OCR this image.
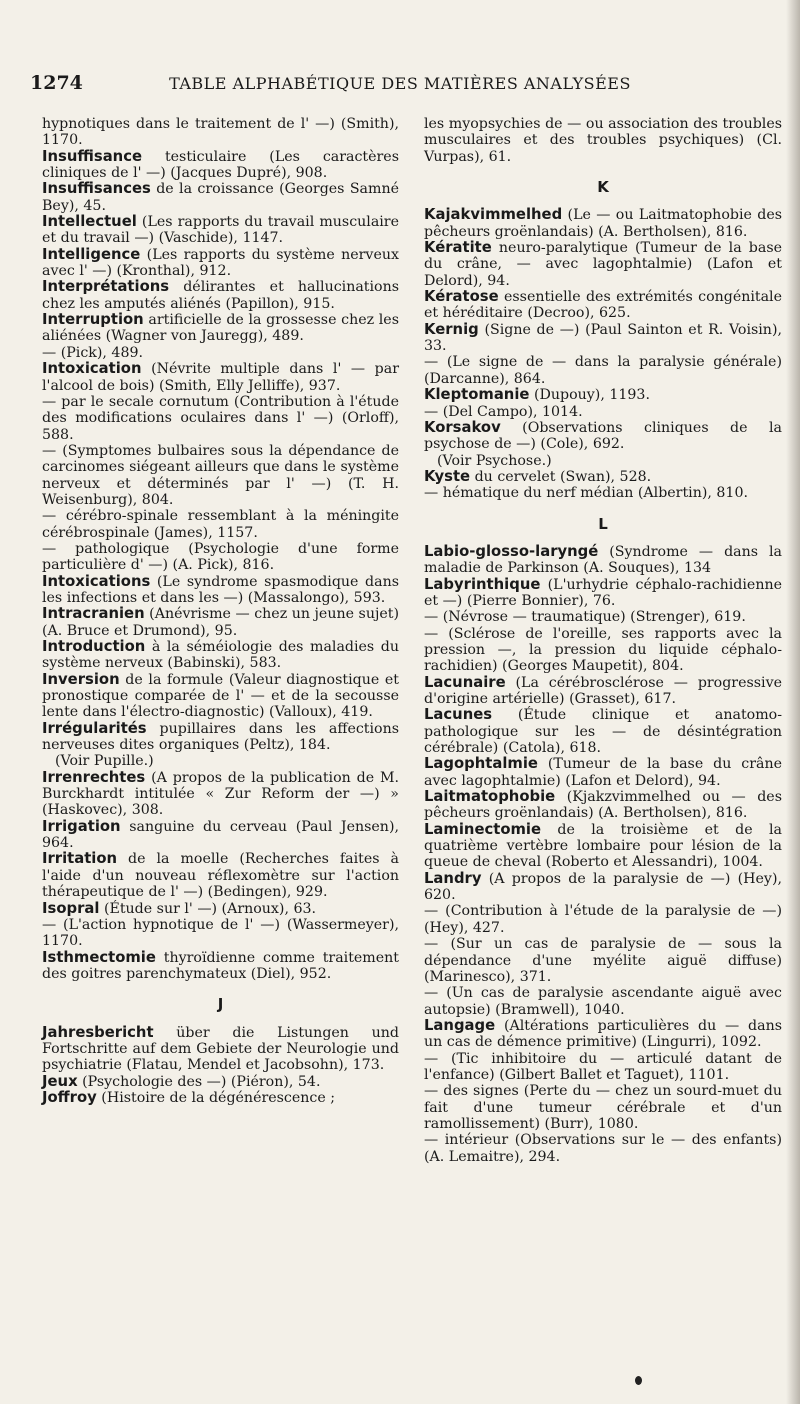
1274	TABLE ALPHABÉTIQUE DES MATIÈRES ANALYSÉES

hypnotiques dans le traitement de l' —) (Smith), 1170.

Insuffisance testiculaire (Les caractères cliniques de l' —) (Jacques Dupré), 908.

Insuffisances de la croissance (Georges Samné Bey), 45.

Intellectuel (Les rapports du travail musculaire et du travail —) (Vaschide), 1147.

Intelligence (Les rapports du système nerveux avec l' —) (Kronthal), 912.

Interprétations délirantes et hallucinations chez les amputés aliénés (Papillon), 915.

Interruption artificielle de la grossesse chez les aliénées (Wagner von Jauregg), 489.

— (Pick), 489.

Intoxication (Névrite multiple dans l' — par l'alcool de bois) (Smith, Elly Jelliffe), 937.

— par le secale cornutum (Contribution à l'étude des modifications oculaires dans l' —) (Orloff), 588.

— (Symptomes bulbaires sous la dépendance de carcinomes siégeant ailleurs que dans le système nerveux et déterminés par l' —) (T. H. Weisenburg), 804.

— cérébro-spinale ressemblant à la méningite cérébrospinale (James), 1157.

— pathologique (Psychologie d'une forme particulière d' —) (A. Pick), 816.

Intoxications (Le syndrome spasmodique dans les infections et dans les —) (Massalongo), 593.

Intracranien (Anévrisme — chez un jeune sujet) (A. Bruce et Drumond), 95.

Introduction à la séméiologie des maladies du système nerveux (Babinski), 583.

Inversion de la formule (Valeur diagnostique et pronostique comparée de l' — et de la secousse lente dans l'électro-diagnostic) (Valloux), 419.

Irrégularités pupillaires dans les affections nerveuses dites organiques (Peltz), 184.

(Voir Pupille.)

Irrenrechtes (A propos de la publication de M. Burckhardt intitulée « Zur Reform der —) » (Haskovec), 308.

Irrigation sanguine du cerveau (Paul Jensen), 964.

Irritation de la moelle (Recherches faites à l'aide d'un nouveau réflexomètre sur l'action thérapeutique de l' —) (Bedingen), 929.

Isopral (Étude sur l' —) (Arnoux), 63.

— (L'action hypnotique de l' —) (Wassermeyer), 1170.

Isthmectomie thyroïdienne comme traitement des goitres parenchymateux (Diel), 952.

J

Jahresbericht über die Listungen und Fortschritte auf dem Gebiete der Neurologie und psychiatrie (Flatau, Mendel et Jacobsohn), 173.

Jeux (Psychologie des —) (Piéron), 54.

Joffroy (Histoire de la dégénérescence ;

les myopsychies de — ou association des troubles musculaires et des troubles psychiques) (Cl. Vurpas), 61.

K

Kajakvimmelhed (Le — ou Laitmatophobie des pêcheurs groënlandais) (A. Bertholsen), 816.

Kératite neuro-paralytique (Tumeur de la base du crâne, — avec lagophtalmie) (Lafon et Delord), 94.

Kératose essentielle des extrémités congénitale et héréditaire (Decroo), 625.

Kernig (Signe de —) (Paul Sainton et R. Voisin), 33.

— (Le signe de — dans la paralysie générale) (Darcanne), 864.

Kleptomanie (Dupouy), 1193.

— (Del Campo), 1014.

Korsakov (Observations cliniques de la psychose de —) (Cole), 692.

(Voir Psychose.)

Kyste du cervelet (Swan), 528.

— hématique du nerf médian (Albertin), 810.

L

Labio-glosso-laryngé (Syndrome — dans la maladie de Parkinson (A. Souques), 134

Labyrinthique (L'urhydrie céphalo-rachidienne et —) (Pierre Bonnier), 76.

— (Névrose — traumatique) (Strenger), 619.

— (Sclérose de l'oreille, ses rapports avec la pression —, la pression du liquide céphalo-rachidien) (Georges Maupetit), 804.

Lacunaire (La cérébrosclérose — progressive d'origine artérielle) (Grasset), 617.

Lacunes (Étude clinique et anatomo-pathologique sur les — de désintégration cérébrale) (Catola), 618.

Lagophtalmie (Tumeur de la base du crâne avec lagophtalmie) (Lafon et Delord), 94.

Laitmatophobie (Kjakzvimmelhed ou — des pêcheurs groënlandais) (A. Bertholsen), 816.

Laminectomie de la troisième et de la quatrième vertèbre lombaire pour lésion de la queue de cheval (Roberto et Alessandri), 1004.

Landry (A propos de la paralysie de —) (Hey), 620.

— (Contribution à l'étude de la paralysie de —) (Hey), 427.

— (Sur un cas de paralysie de — sous la dépendance d'une myélite aiguë diffuse) (Marinesco), 371.

— (Un cas de paralysie ascendante aiguë avec autopsie) (Bramwell), 1040.

Langage (Altérations particulières du — dans un cas de démence primitive) (Lingurri), 1092.

— (Tic inhibitoire du — articulé datant de l'enfance) (Gilbert Ballet et Taguet), 1101.

— des signes (Perte du — chez un sourd-muet du fait d'une tumeur cérébrale et d'un ramollissement) (Burr), 1080.

— intérieur (Observations sur le — des enfants) (A. Lemaitre), 294.
